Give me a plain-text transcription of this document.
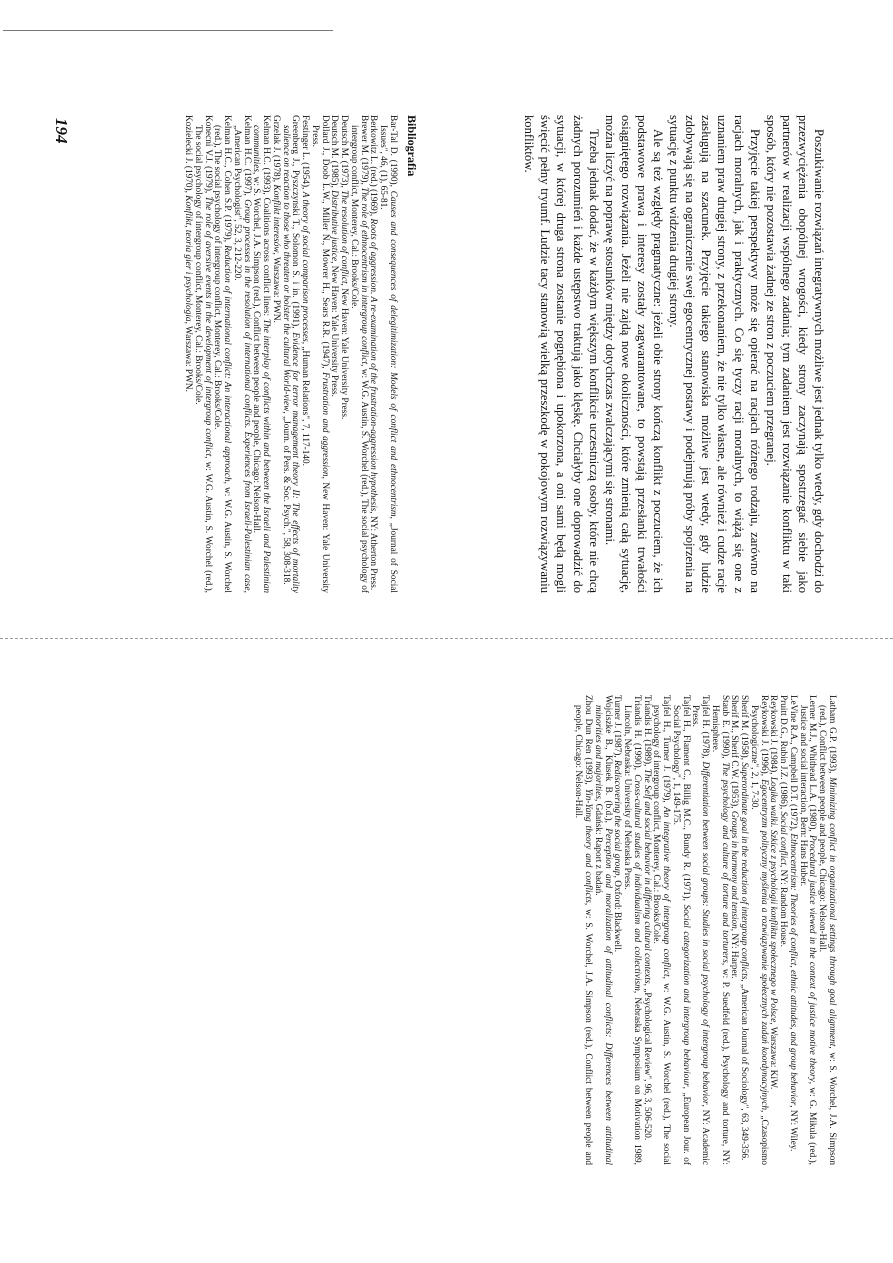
Poszukiwanie rozwiązań integratywnych możliwe jest jednak tylko wtedy, gdy dochodzi do przezwyciężenia obopólnej wrogości, kiedy strony zaczynają spostrzegać siebie jako partnerów w realizacji wspólnego zadania; tym zadaniem jest rozwiązanie konfliktu w taki sposób, który nie pozostawia żadnej ze stron z poczuciem przegranej.

Przyjęcie takiej perspektywy może się opierać na racjach różnego rodzaju, zarówno na racjach moralnych, jak i praktycznych. Co się tyczy racji moralnych, to wiążą się one z uznaniem praw drugiej strony, z przekonaniem, że nie tylko własne, ale również i cudze racje zasługują na szacunek. Przyjęcie takiego stanowiska możliwe jest wtedy, gdy ludzie zdobywają się na ograniczenie swej egocentrycznej postawy i podejmują próby spojrzenia na sytuację z punktu widzenia drugiej strony.

Ale są też względy pragmatyczne: jeżeli obie strony kończą konflikt z poczuciem, że ich podstawowe prawa i interesy zostały zagwarantowane, to powstają przesłanki trwałości osiągniętego rozwiązania. Jeżeli nie zajdą nowe okoliczności, które zmienią całą sytuację, można liczyć na poprawę stosunków między dotychczas zwalczającymi się stronami.

Trzeba jednak dodać, że w każdym większym konflikcie uczestniczą osoby, które nie chcą żadnych porozumień i każde ustępstwo traktują jako klęskę. Chciałyby one doprowadzić do sytuacji, w której druga strona zostanie pognębiona i upokorzona, a oni sami będą mogli święcić pełny tryumf. Ludzie tacy stanowią wielką przeszkodę w pokojowym rozwiązywaniu konfliktów.

Bibliografia

Bar-Tal D. (1990), Causes and consequences of delegitimization: Models of conflict and ethnocentrism, „Journal of Social Issues", 46, (1), 65-81.

Berkowitz L. (red.) (1969), Roots of aggression. A re-examination of the frustration-aggression hypothesis, NY: Atherton Press.

Brewer M. (1979), The role of ethnocentrism in intergroup conflict, w: W.G. Austin, S. Worchel (red.), The social psychology of intergroup conflict, Monterey, Cal.: Brooks/Cole.

Deutsch M. (1973), The resolution of conflict, New Haven: Yale University Press.

Deutsch M. (1985), Distributive justice, New Haven: Yale University Press.

Dollard J., Doob L.W., Miller N., Mowrer H., Sears R.R. (1947), Frustration and aggression, New Haven: Yale University Press.

Festinger L. (1954), A theory of social comparison processes, „Human Relations", 7, 117-140.

Greenberg J., Pyszczynski T., Solomon S. i in. (1991), Evidence for terror management theory II: The effects of mortality salience on reaction to those who threaten or bolster the cultural World-view, „Journ. of Pers. & Soc. Psych.", 58, 308-318.

Grzelak J. (1978), Konflikt interesów, Warszawa: PWN.

Kelman H.C. (1993), Coalitions across conflict lines: The interplay of conflicts within and between the Israeli and Palestinian communities, w: S. Worchel, J.A. Simpson (red.), Conflict between people and people, Chicago: Nelson-Hall.

Kelman H.C. (1997), Group processes in the resolution of international conflicts. Experiences from Israeli-Palestinian case, „American Psychologist", 52, 3, 212-220.

Kelman H.C., Cohen S.P. (1979), Reduction of international conflict: An interactional approach, w: W.G. Austin, S. Worchel (red.), The social psychology of intergroup conflict, Monterey, Cal.: Brooks/Cole.

Konecni V.J. (1979), The role of aversive events in the development of intergroup conflict, w: W.G. Austin, S. Worchel (red.), The social psychology of intergroup conflict, Monterey, Cal.: Brooks/Cole.

Kozielecki J. (1970), Konflikt, teoria gier i psychologia, Warszawa: PWN.

194

Latham G.P. (1993), Minimizing conflict in organizational settings through goal alignment, w: S. Worchel, J.A. Simpson (red.), Conflict between people and people, Chicago: Nelson-Hall.

Lerner M.J., Whithead L.A. (1980), Procedural justice viewed in the context of justice motive theory, w: G. Mikula (red.), Justice and social interaction, Bern: Hans Huber.

LeVine R.A., Campbell D.T. (1972), Ethnocentrism: Theories of conflict, ethnic attitudes, and group behavior, NY: Wiley.

Pruitt D.G., Rubin J.Z. (1986), Social conflict, NY: Random House.

Reykowski J. (1984), Logika walki. Szkice z psychologii konfliktu społecznego w Polsce, Warszawa: KiW.

Reykowski J. (1996), Egocentryzm polityczny myślenia a rozwiązywanie społecznych zadań koordynacyjnych, „Czasopismo Psychologiczne", 2, 1, 7-30.

Sherif M. (1958), Superordinate goal in the reduction of intergroup conflicts, „American Journal of Sociology", 63, 349-356.

Sherif M., Sherif C.W. (1953), Groups in harmony and tension, NY: Harper.

Staub E. (1990), The psychology and culture of torture and torturers, w: P. Suedfeld (red.), Psychology and torture, NY: Hemisphere.

Tajfel H. (1978), Differentiation between social groups: Studies in social psychology of intergroup behavior, NY: Academic Press.

Tajfel H., Flament C., Billig M.C., Bundy R. (1971), Social categorization and intergroup behaviour, „European Jour. of Social Psychology", 1, 149-175.

Tajfel H., Turner J. (1979), An integrative theory of intergroup conflict, w: W.G. Austin, S. Worchel (red.), The social psychology of intergroup conflict, Monterey, Cal.: Brooks/Cole.

Triandis H. (1989), The Self and social behavior in differing cultural contexts, „Psychological Review", 96, 3, 506-520.

Triandis H. (1990), Cross-cultural studies of individualism and collectivism, Nebraska Symposium on Motivation 1989, Lincoln, Nebraska: University of Nebraska Press.

Turner J. (1987), Rediscovering the social group, Oxford: Blackwell.

Wojciszke B., Klusek B. (b.d.), Perception and moralization of attitudinal conflicts: Differences between attitudinal minorities and majorities, Gdańsk: Raport z badań.

Zhou Dun Ren (1993), Yin-Yang theory and conflicts, w: S. Worchel, J.A. Simpson (red.), Conflict between people and people, Chicago: Nelson-Hall.
